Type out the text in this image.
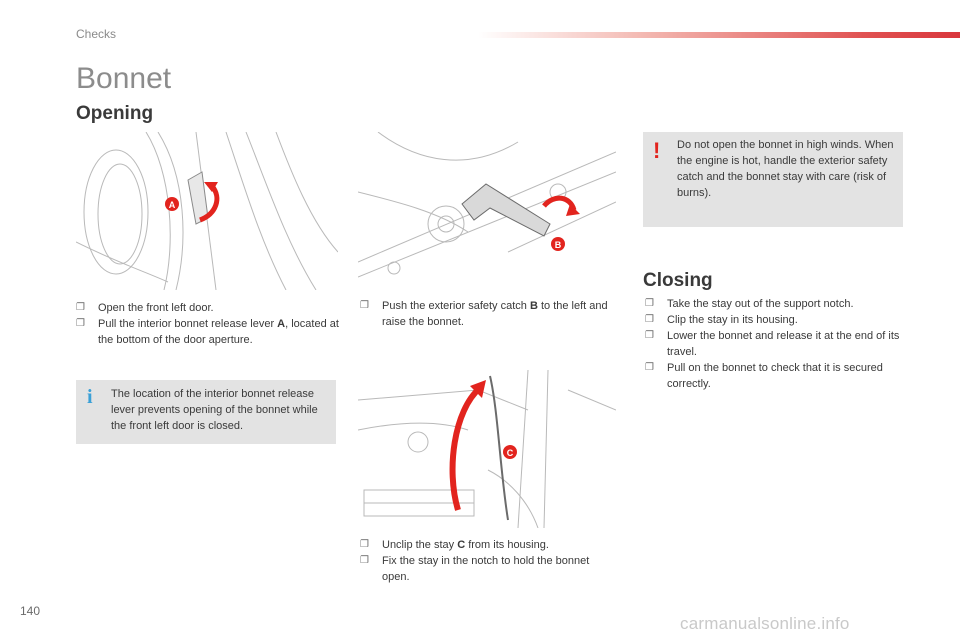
Checks
Bonnet
Opening
A
B
C
❐ Open the front left door.
❐ Pull the interior bonnet release lever A, located at the bottom of the door aperture.
i The location of the interior bonnet release lever prevents opening of the bonnet while the front left door is closed.
❐ Push the exterior safety catch B to the left and raise the bonnet.
❐ Unclip the stay C from its housing.
❐ Fix the stay in the notch to hold the bonnet open.
! Do not open the bonnet in high winds. When the engine is hot, handle the exterior safety catch and the bonnet stay with care (risk of burns).
Closing
❐ Take the stay out of the support notch.
❐ Clip the stay in its housing.
❐ Lower the bonnet and release it at the end of its travel.
❐ Pull on the bonnet to check that it is secured correctly.
140
carmanualsonline.info
